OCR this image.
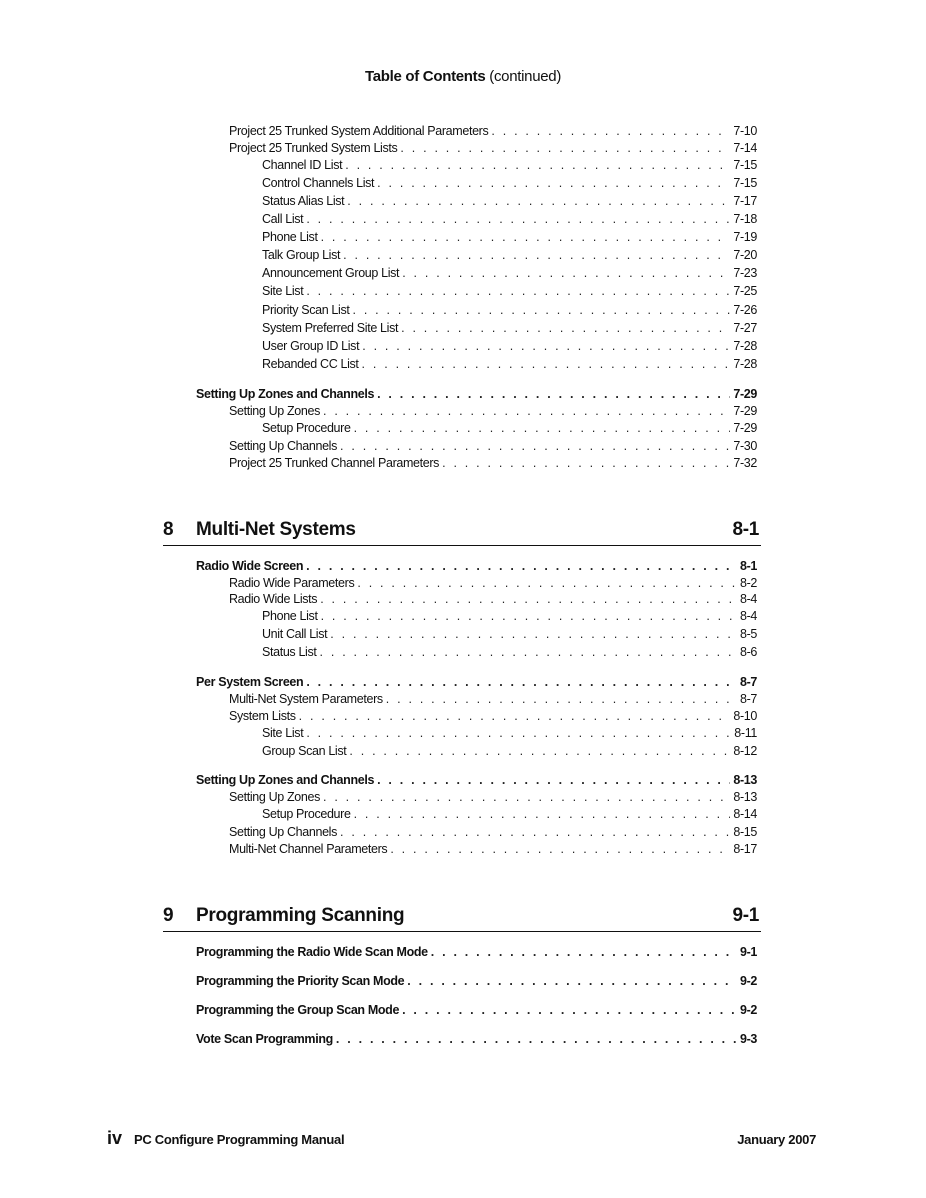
Table of Contents (continued)
Project 25 Trunked System Additional Parameters . . .	7-10
Project 25 Trunked System Lists . . .	7-14
Channel ID List . . .	7-15
Control Channels List . . .	7-15
Status Alias List . . .	7-17
Call List . . .	7-18
Phone List . . .	7-19
Talk Group List . . .	7-20
Announcement Group List . . .	7-23
Site List . . .	7-25
Priority Scan List . . .	7-26
System Preferred Site List . . .	7-27
User Group ID List . . .	7-28
Rebanded CC List . . .	7-28
Setting Up Zones and Channels . . .	7-29
Setting Up Zones . . .	7-29
Setup Procedure . . .	7-29
Setting Up Channels . . .	7-30
Project 25 Trunked Channel Parameters . . .	7-32
8 Multi-Net Systems	8-1
Radio Wide Screen . . .	8-1
Radio Wide Parameters . . .	8-2
Radio Wide Lists . . .	8-4
Phone List . . .	8-4
Unit Call List . . .	8-5
Status List . . .	8-6
Per System Screen . . .	8-7
Multi-Net System Parameters . . .	8-7
System Lists . . .	8-10
Site List . . .	8-11
Group Scan List . . .	8-12
Setting Up Zones and Channels . . .	8-13
Setting Up Zones . . .	8-13
Setup Procedure . . .	8-14
Setting Up Channels . . .	8-15
Multi-Net Channel Parameters . . .	8-17
9 Programming Scanning	9-1
Programming the Radio Wide Scan Mode . . .	9-1
Programming the Priority Scan Mode . . .	9-2
Programming the Group Scan Mode . . .	9-2
Vote Scan Programming . . .	9-3
iv PC Configure Programming Manual	January 2007
